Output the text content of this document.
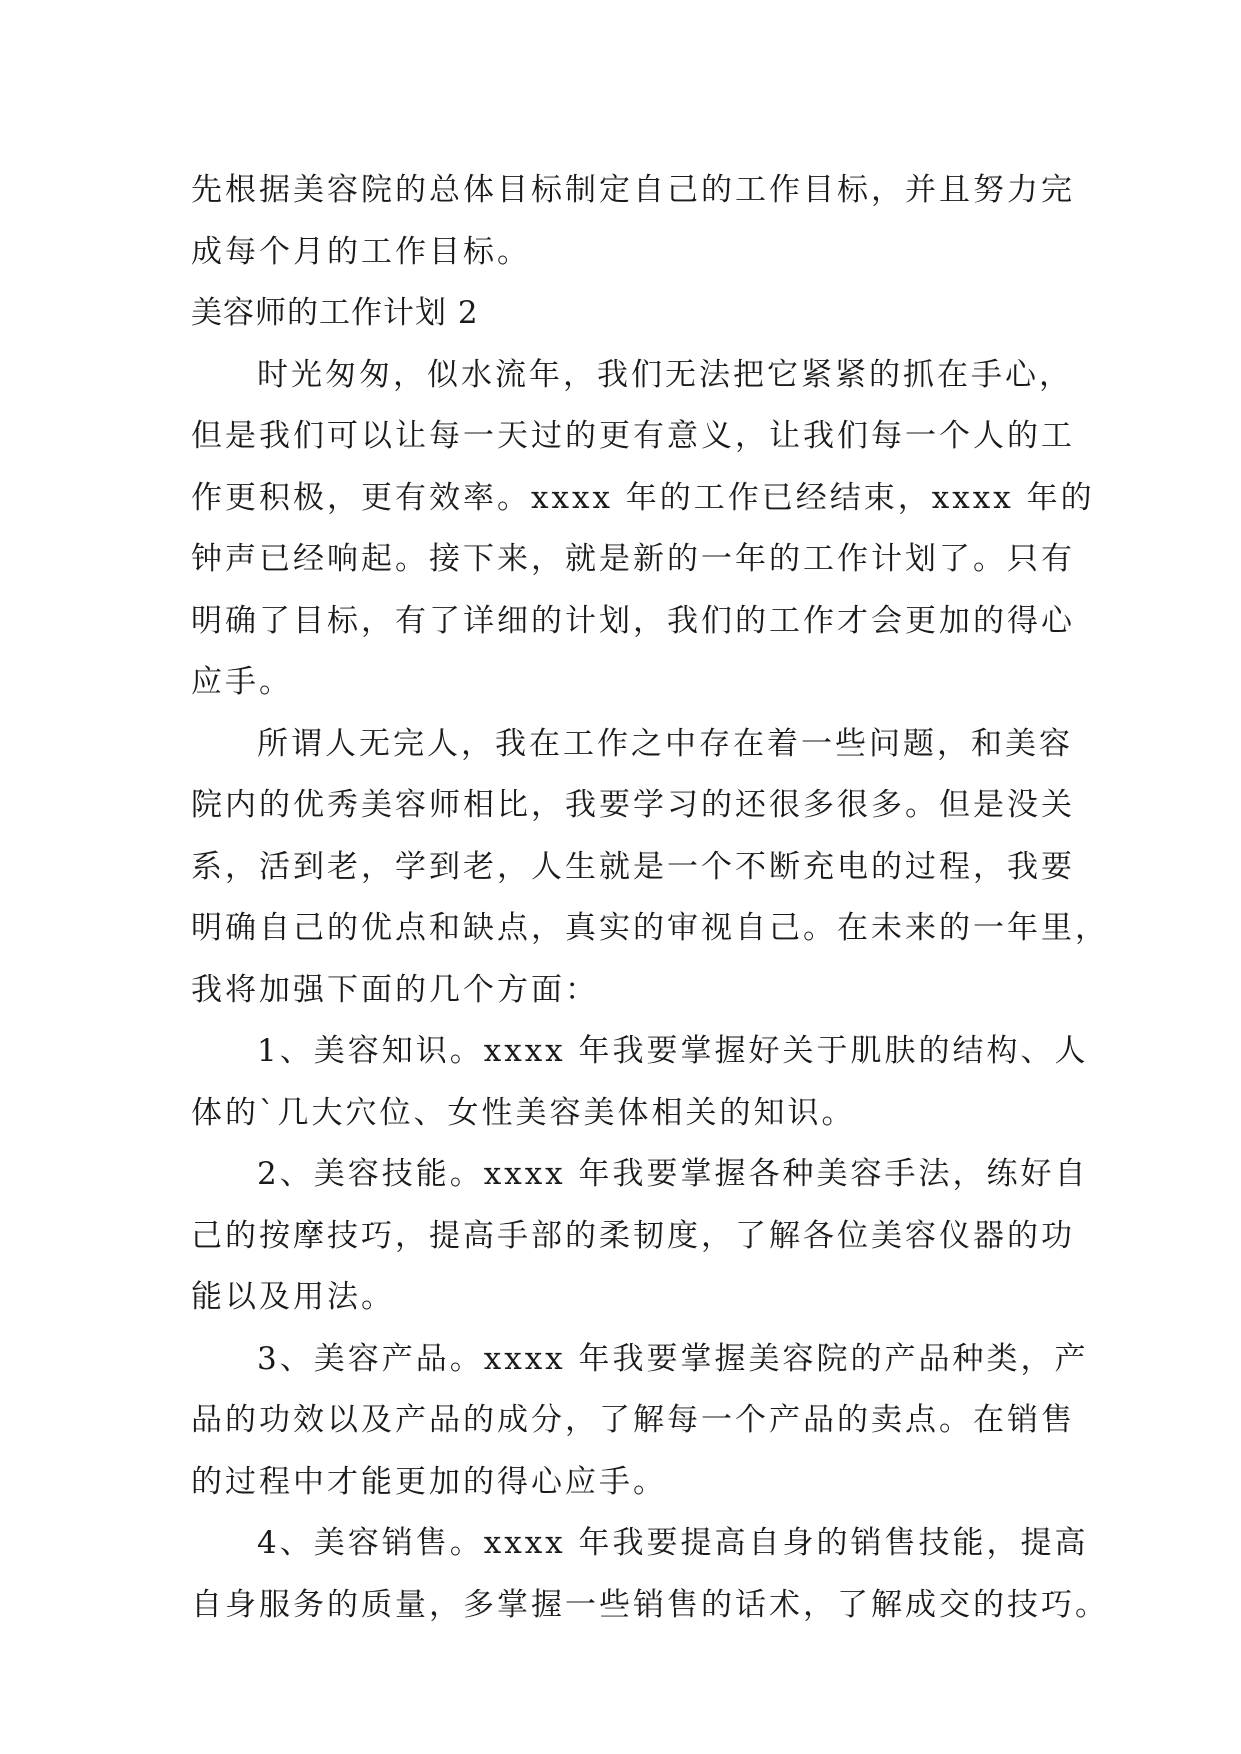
先根据美容院的总体目标制定自己的工作目标，并且努力完
成每个月的工作目标。
美容师的工作计划 2
时光匆匆，似水流年，我们无法把它紧紧的抓在手心，
但是我们可以让每一天过的更有意义，让我们每一个人的工
作更积极，更有效率。xxxx 年的工作已经结束，xxxx 年的
钟声已经响起。接下来，就是新的一年的工作计划了。只有
明确了目标，有了详细的计划，我们的工作才会更加的得心
应手。
所谓人无完人，我在工作之中存在着一些问题，和美容
院内的优秀美容师相比，我要学习的还很多很多。但是没关
系，活到老，学到老，人生就是一个不断充电的过程，我要
明确自己的优点和缺点，真实的审视自己。在未来的一年里，
我将加强下面的几个方面：
1、美容知识。xxxx 年我要掌握好关于肌肤的结构、人
体的`几大穴位、女性美容美体相关的知识。
2、美容技能。xxxx 年我要掌握各种美容手法，练好自
己的按摩技巧，提高手部的柔韧度，了解各位美容仪器的功
能以及用法。
3、美容产品。xxxx 年我要掌握美容院的产品种类，产
品的功效以及产品的成分，了解每一个产品的卖点。在销售
的过程中才能更加的得心应手。
4、美容销售。xxxx 年我要提高自身的销售技能，提高
自身服务的质量，多掌握一些销售的话术，了解成交的技巧。
